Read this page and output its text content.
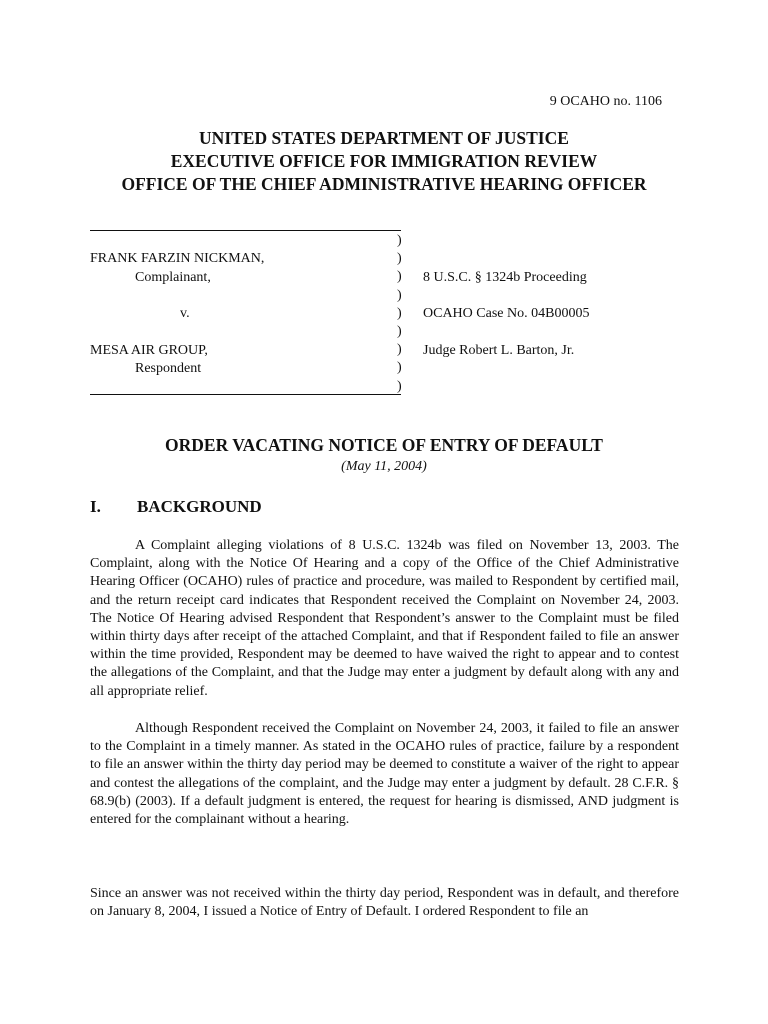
9 OCAHO no. 1106
UNITED STATES DEPARTMENT OF JUSTICE
EXECUTIVE OFFICE FOR IMMIGRATION REVIEW
OFFICE OF THE CHIEF ADMINISTRATIVE HEARING OFFICER
)
)
)
)
)
)
)
)
)
FRANK FARZIN NICKMAN,
Complainant,
v.
MESA AIR GROUP,
Respondent
8 U.S.C. § 1324b Proceeding
OCAHO Case No. 04B00005
Judge Robert L. Barton, Jr.
ORDER VACATING NOTICE OF ENTRY OF DEFAULT
(May 11, 2004)
I. BACKGROUND
A Complaint alleging violations of 8 U.S.C. 1324b was filed on November 13, 2003. The Complaint, along with the Notice Of Hearing and a copy of the Office of the Chief Administrative Hearing Officer (OCAHO) rules of practice and procedure, was mailed to Respondent by certified mail, and the return receipt card indicates that Respondent received the Complaint on November 24, 2003. The Notice Of Hearing advised Respondent that Respondent’s answer to the Complaint must be filed within thirty days after receipt of the attached Complaint, and that if Respondent failed to file an answer within the time provided, Respondent may be deemed to have waived the right to appear and to contest the allegations of the Complaint, and that the Judge may enter a judgment by default along with any and all appropriate relief.
Although Respondent received the Complaint on November 24, 2003, it failed to file an answer to the Complaint in a timely manner. As stated in the OCAHO rules of practice, failure by a respondent to file an answer within the thirty day period may be deemed to constitute a waiver of the right to appear and contest the allegations of the complaint, and the Judge may enter a judgment by default. 28 C.F.R. § 68.9(b) (2003). If a default judgment is entered, the request for hearing is dismissed, AND judgment is entered for the complainant without a hearing.
Since an answer was not received within the thirty day period, Respondent was in default, and therefore on January 8, 2004, I issued a Notice of Entry of Default. I ordered Respondent to file an
